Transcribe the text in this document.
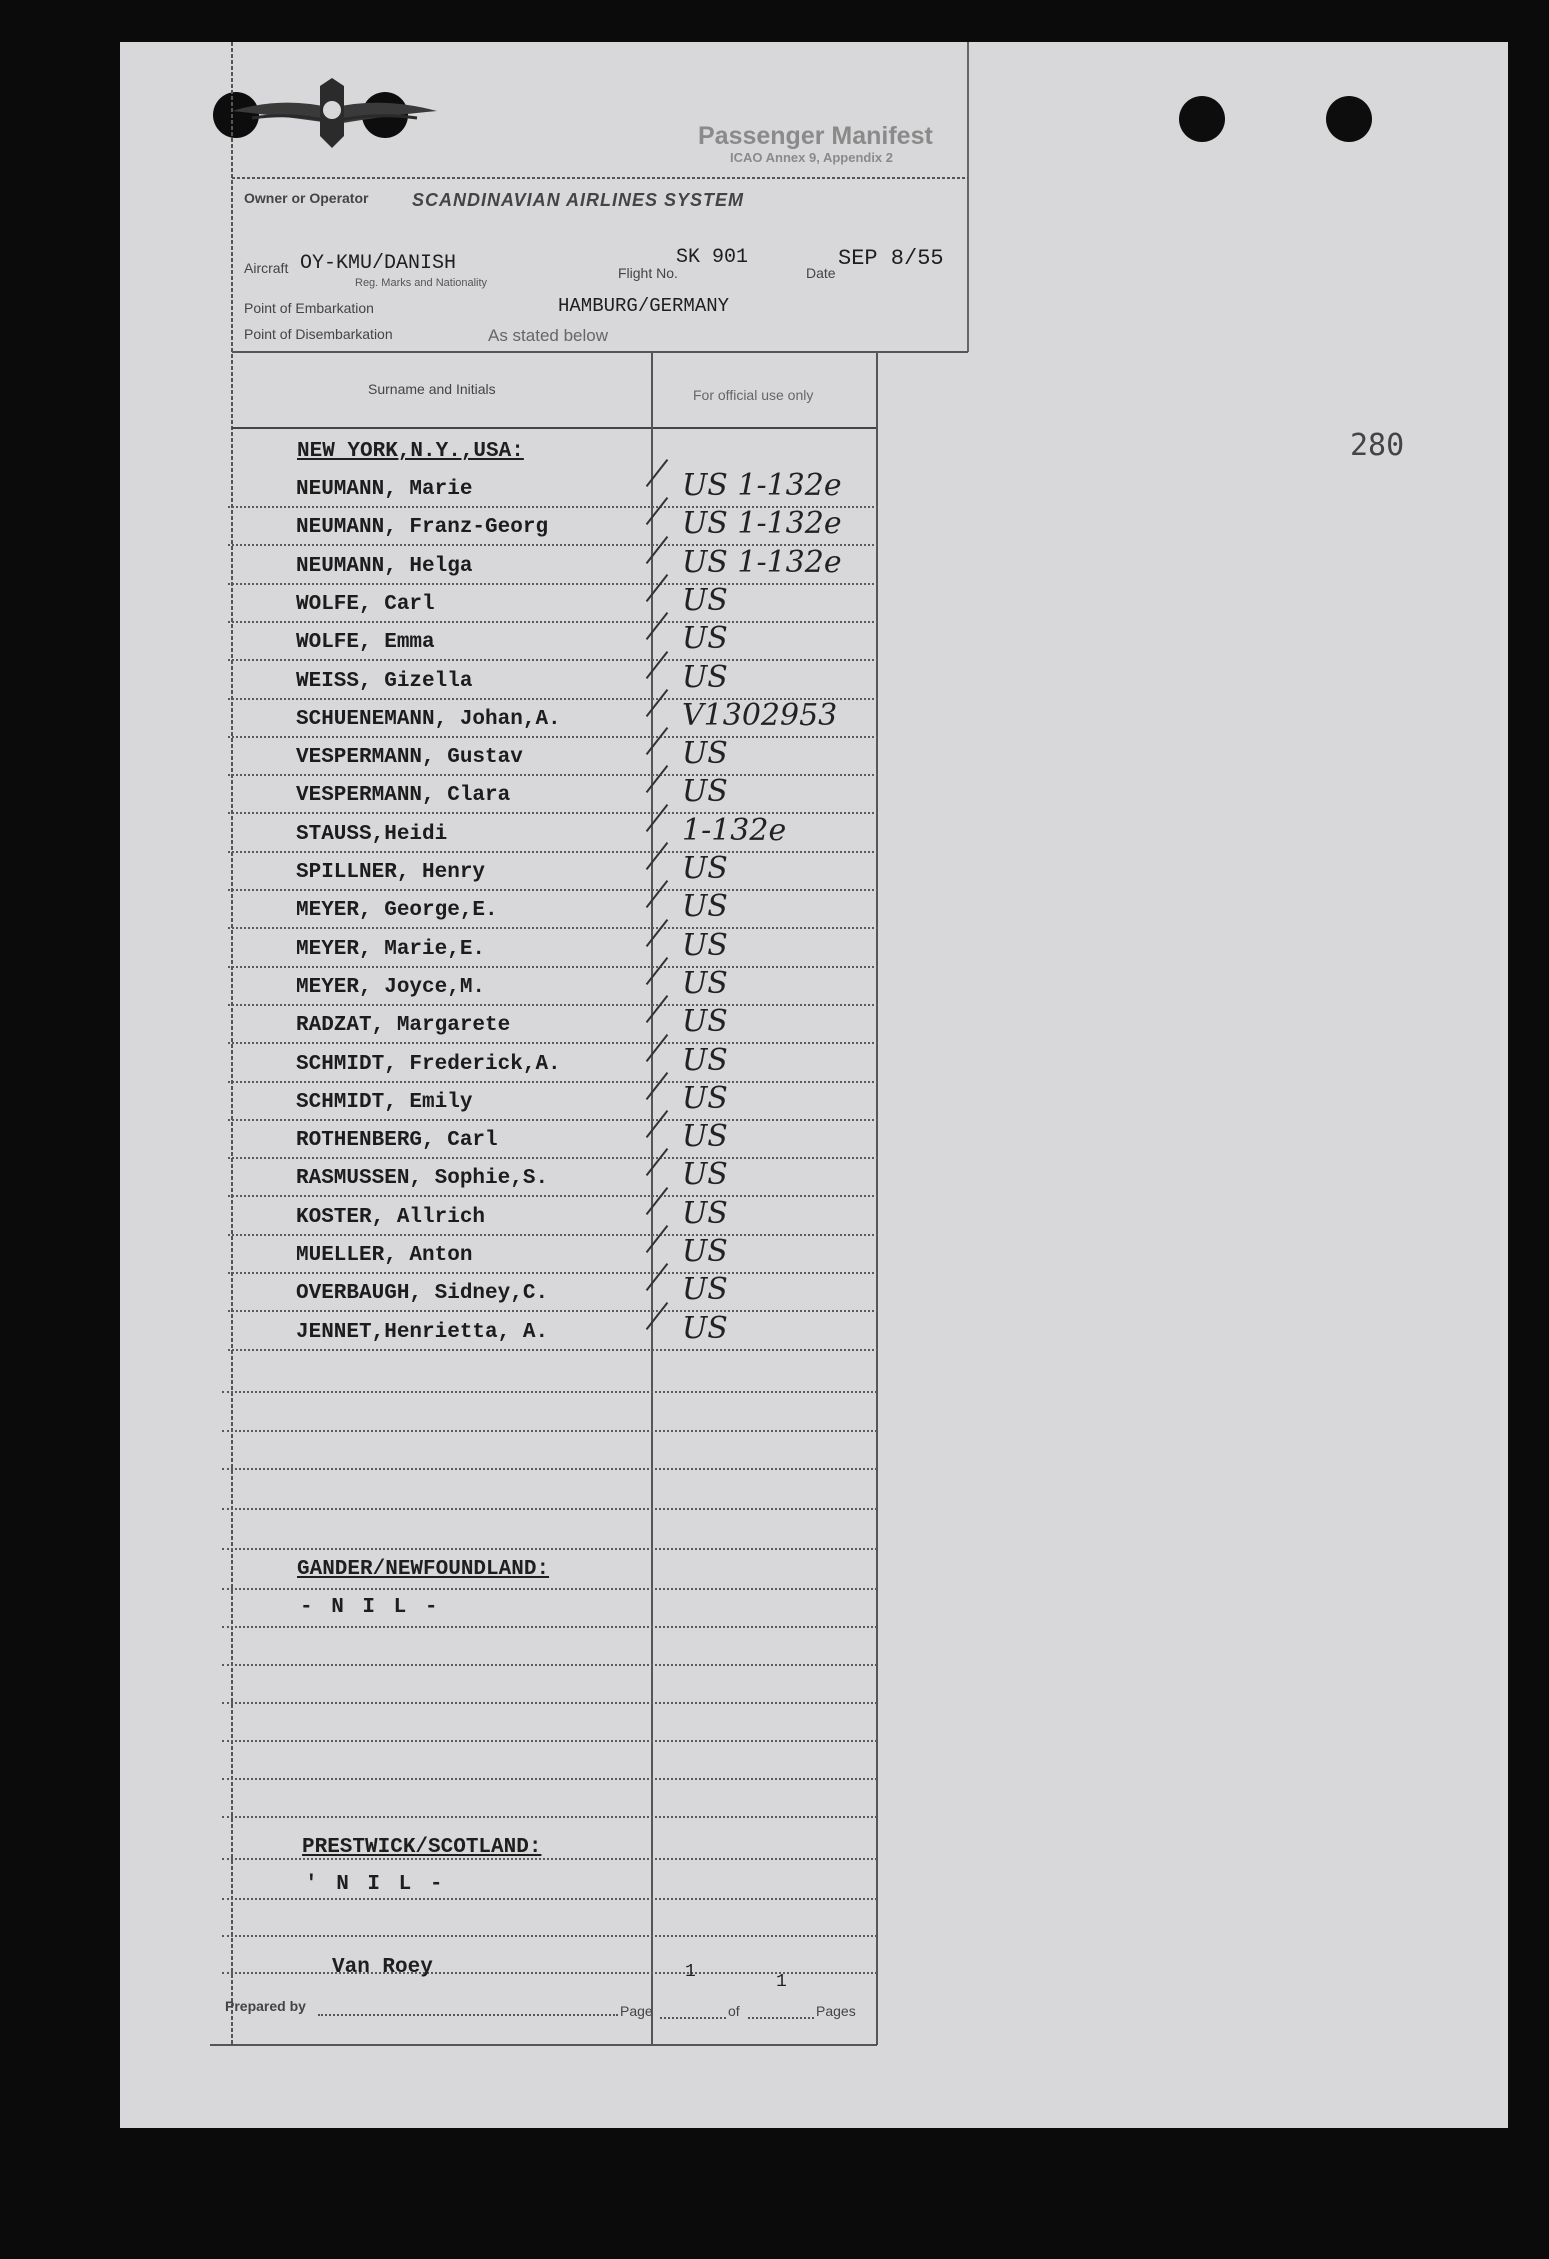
Passenger Manifest
ICAO Annex 9, Appendix 2
Owner or Operator SCANDINAVIAN AIRLINES SYSTEM
Aircraft OY-KMU/DANISH
Reg. Marks and Nationality
Flight No.
SK 901
Date
SEP 8/55
Point of Embarkation	HAMBURG/GERMANY
Point of Disembarkation	As stated below
Surname and Initials	For official use only
280
NEW YORK,N.Y.,USA:
NEUMANN, Marie	US 1-132e
NEUMANN, Franz-Georg	US 1-132e
NEUMANN, Helga	US 1-132e
WOLFE, Carl	US
WOLFE, Emma	US
WEISS, Gizella	US
SCHUENEMANN, Johan,A.	V1302953
VESPERMANN, Gustav	US
VESPERMANN, Clara	US
STAUSS,Heidi	1-132e
SPILLNER, Henry	US
MEYER, George,E.	US
MEYER, Marie,E.	US
MEYER, Joyce,M.	US
RADZAT, Margarete	US
SCHMIDT, Frederick,A.	US
SCHMIDT, Emily	US
ROTHENBERG, Carl	US
RASMUSSEN, Sophie,S.	US
KOSTER, Allrich	US
MUELLER, Anton	US
OVERBAUGH, Sidney,C.	US
JENNET,Henrietta, A.	US
GANDER/NEWFOUNDLAND:
- N I L -
PRESTWICK/SCOTLAND:
' N I L -
Van Roey	1	1
Prepared by	Page	of	Pages
